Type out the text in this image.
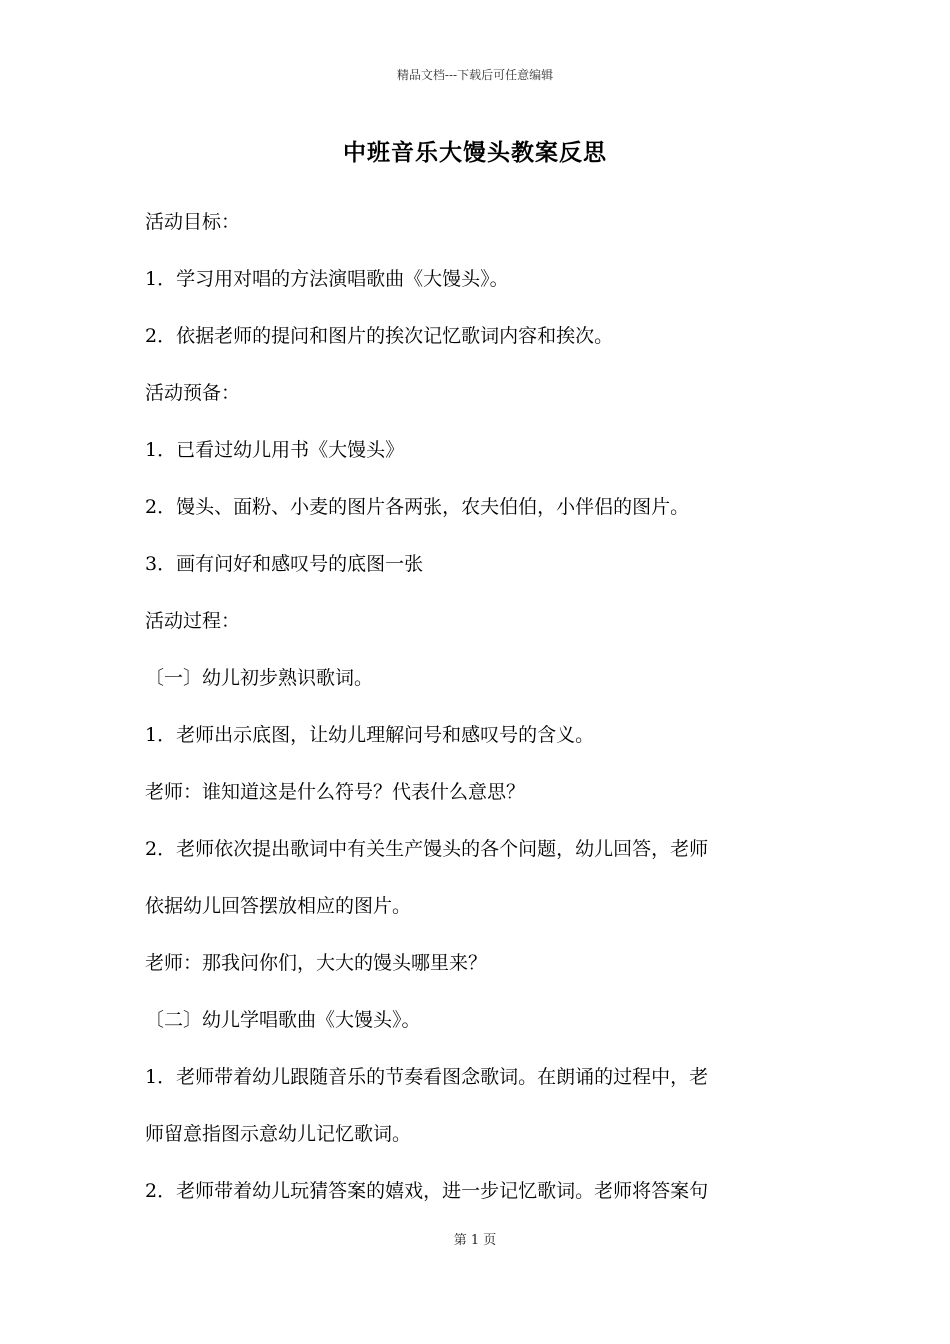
精品文档---下载后可任意编辑
中班音乐大馒头教案反思
活动目标：
1．学习用对唱的方法演唱歌曲《大馒头》。
2．依据老师的提问和图片的挨次记忆歌词内容和挨次。
活动预备：
1．已看过幼儿用书《大馒头》
2．馒头、面粉、小麦的图片各两张，农夫伯伯，小伴侣的图片。
3．画有问好和感叹号的底图一张
活动过程：
〔一〕幼儿初步熟识歌词。
1．老师出示底图，让幼儿理解问号和感叹号的含义。
老师：谁知道这是什么符号？代表什么意思？
2．老师依次提出歌词中有关生产馒头的各个问题，幼儿回答，老师
依据幼儿回答摆放相应的图片。
老师：那我问你们，大大的馒头哪里来？
〔二〕幼儿学唱歌曲《大馒头》。
1．老师带着幼儿跟随音乐的节奏看图念歌词。在朗诵的过程中，老
师留意指图示意幼儿记忆歌词。
2．老师带着幼儿玩猜答案的嬉戏，进一步记忆歌词。老师将答案句
第 1 页
